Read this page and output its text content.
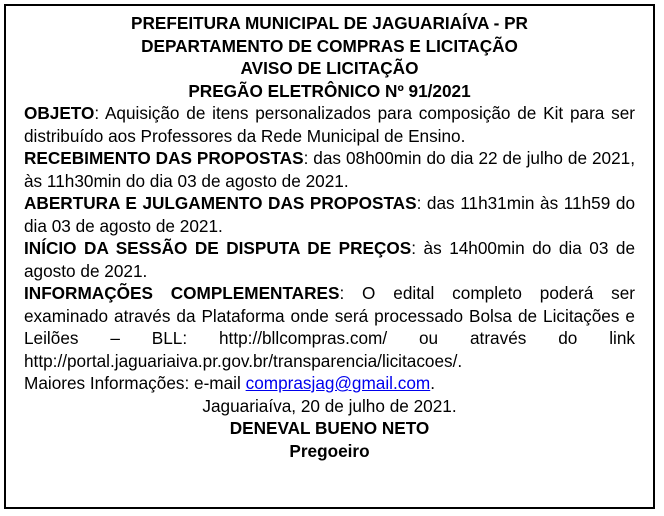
PREFEITURA MUNICIPAL DE JAGUARIAÍVA - PR

DEPARTAMENTO DE COMPRAS E LICITAÇÃO

AVISO DE LICITAÇÃO

PREGÃO ELETRÔNICO Nº 91/2021

OBJETO: Aquisição de itens personalizados para composição de Kit para ser distribuído aos Professores da Rede Municipal de Ensino.

RECEBIMENTO DAS PROPOSTAS: das 08h00min do dia 22 de julho de 2021, às 11h30min do dia 03 de agosto de 2021.

ABERTURA E JULGAMENTO DAS PROPOSTAS: das 11h31min às 11h59 do dia 03 de agosto de 2021.

INÍCIO DA SESSÃO DE DISPUTA DE PREÇOS: às 14h00min do dia 03 de agosto de 2021.

INFORMAÇÕES COMPLEMENTARES: O edital completo poderá ser examinado através da Plataforma onde será processado Bolsa de Licitações e Leilões – BLL: http://bllcompras.com/ ou através do link http://portal.jaguariaiva.pr.gov.br/transparencia/licitacoes/.

Maiores Informações: e-mail comprasjag@gmail.com.

Jaguariaíva, 20 de julho de 2021.

DENEVAL BUENO NETO

Pregoeiro
